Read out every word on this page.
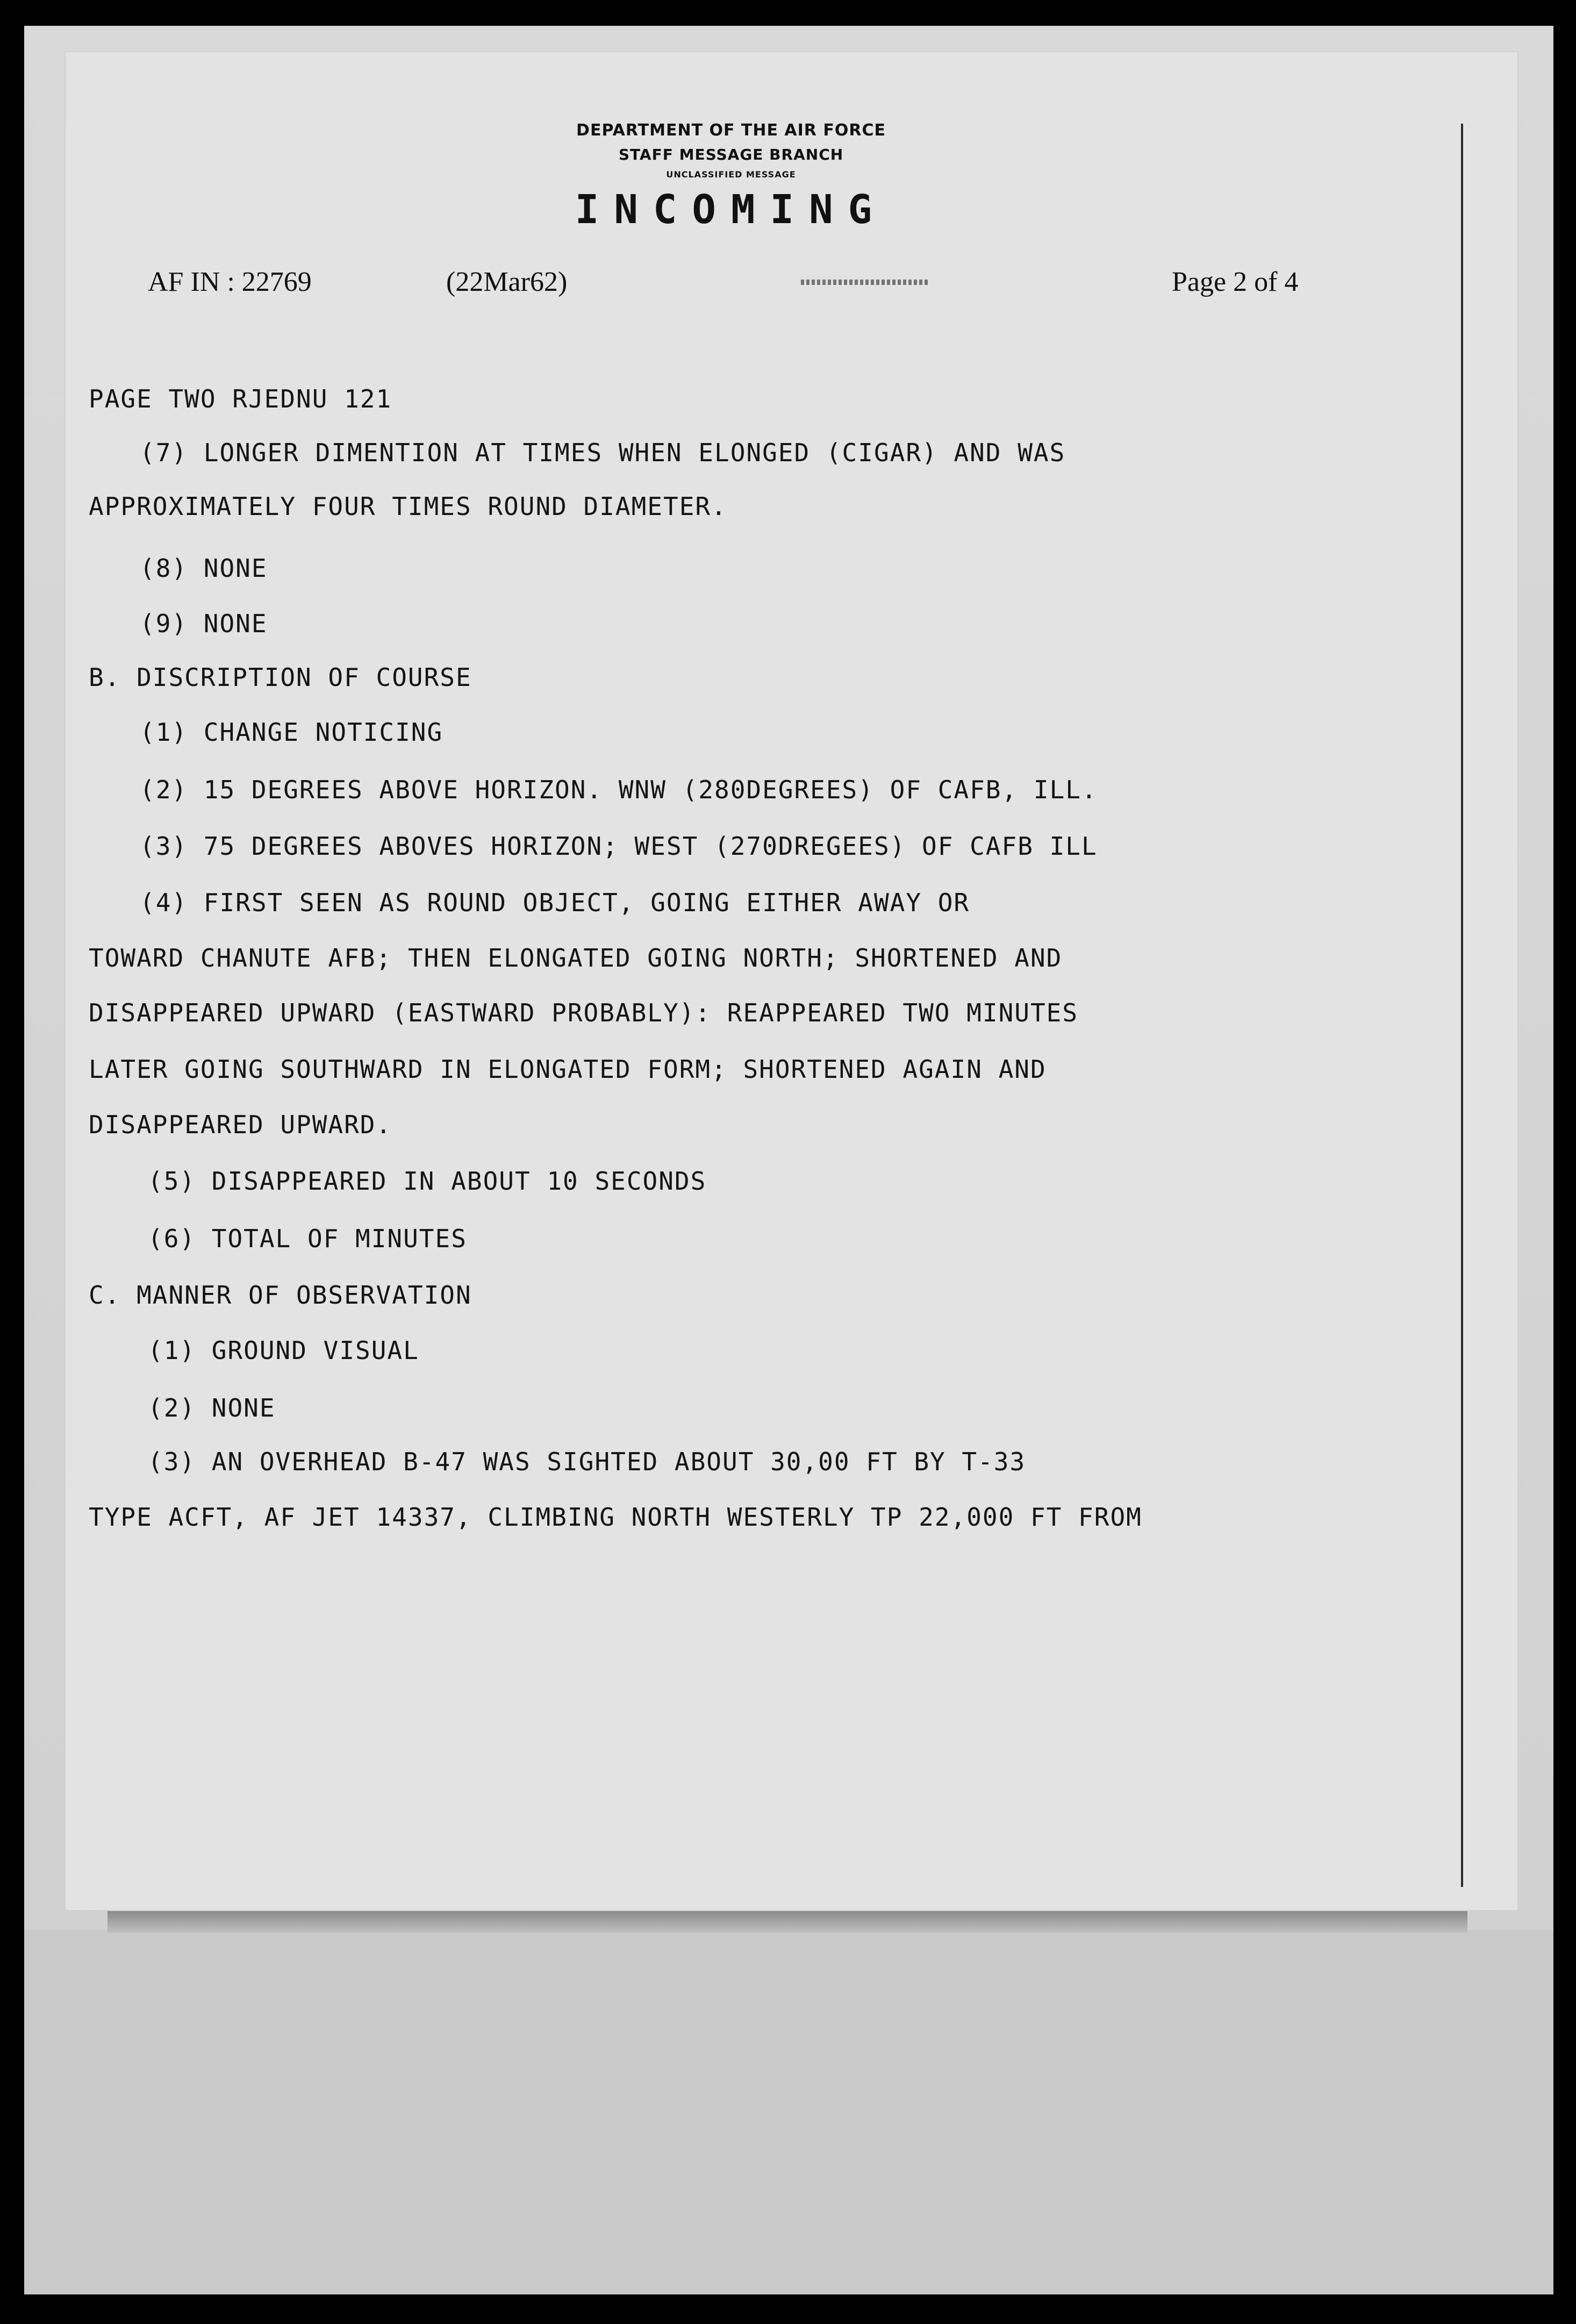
DEPARTMENT OF THE AIR FORCE
STAFF MESSAGE BRANCH
UNCLASSIFIED MESSAGE
INCOMING
AF IN : 22769	(22Mar62)	Page 2 of 4
PAGE TWO RJEDNU 121
(7) LONGER DIMENTION AT TIMES WHEN ELONGED (CIGAR) AND WAS
APPROXIMATELY FOUR TIMES ROUND DIAMETER.
(8) NONE
(9) NONE
B. DISCRIPTION OF COURSE
(1) CHANGE NOTICING
(2) 15 DEGREES ABOVE HORIZON. WNW (280DEGREES) OF CAFB, ILL.
(3) 75 DEGREES ABOVES HORIZON; WEST (270DREGEES) OF CAFB ILL
(4) FIRST SEEN AS ROUND OBJECT, GOING EITHER AWAY OR
TOWARD CHANUTE AFB; THEN ELONGATED GOING NORTH; SHORTENED AND
DISAPPEARED UPWARD (EASTWARD PROBABLY): REAPPEARED TWO MINUTES
LATER GOING SOUTHWARD IN ELONGATED FORM; SHORTENED AGAIN AND
DISAPPEARED UPWARD.
(5) DISAPPEARED IN ABOUT 10 SECONDS
(6) TOTAL OF MINUTES
C. MANNER OF OBSERVATION
(1) GROUND VISUAL
(2) NONE
(3) AN OVERHEAD B-47 WAS SIGHTED ABOUT 30,00 FT BY T-33
TYPE ACFT, AF JET 14337, CLIMBING NORTH WESTERLY TP 22,000 FT FROM
